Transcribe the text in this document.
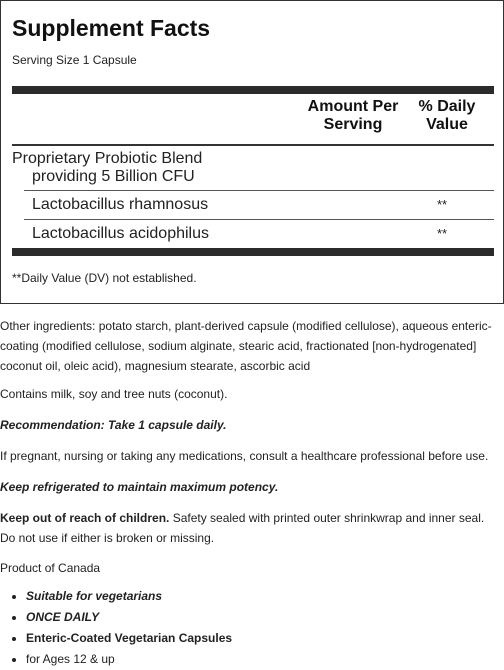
Supplement Facts
Serving Size 1 Capsule
Amount Per Serving
% Daily Value
Proprietary Probiotic Blend
providing 5 Billion CFU
Lactobacillus rhamnosus	**
Lactobacillus acidophilus	**
**Daily Value (DV) not established.
Other ingredients: potato starch, plant-derived capsule (modified cellulose), aqueous enteric-coating (modified cellulose, sodium alginate, stearic acid, fractionated [non-hydrogenated] coconut oil, oleic acid), magnesium stearate, ascorbic acid
Contains milk, soy and tree nuts (coconut).
Recommendation: Take 1 capsule daily.
If pregnant, nursing or taking any medications, consult a healthcare professional before use.
Keep refrigerated to maintain maximum potency.
Keep out of reach of children. Safety sealed with printed outer shrinkwrap and inner seal. Do not use if either is broken or missing.
Product of Canada
• Suitable for vegetarians
• ONCE DAILY
• Enteric-Coated Vegetarian Capsules
• for Ages 12 & up
